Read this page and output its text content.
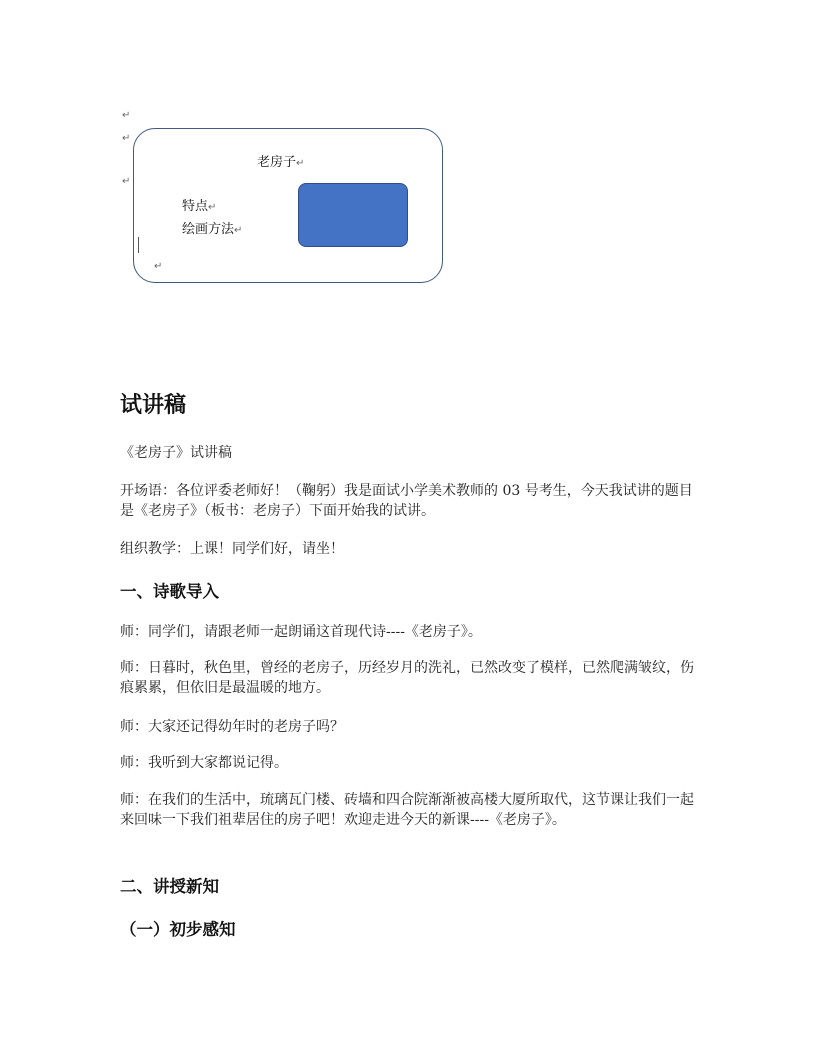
↵
↵
↵
老房子↵
特点↵
绘画方法↵
↵
试讲稿
《老房子》试讲稿
开场语：各位评委老师好！（鞠躬）我是面试小学美术教师的 03 号考生，今天我试讲的题目是《老房子》（板书：老房子）下面开始我的试讲。
组织教学：上课！同学们好，请坐！
一、诗歌导入
师：同学们，请跟老师一起朗诵这首现代诗----《老房子》。
师：日暮时，秋色里，曾经的老房子，历经岁月的洗礼，已然改变了模样，已然爬满皱纹，伤痕累累，但依旧是最温暖的地方。
师：大家还记得幼年时的老房子吗？
师：我听到大家都说记得。
师：在我们的生活中，琉璃瓦门楼、砖墙和四合院渐渐被高楼大厦所取代，这节课让我们一起来回味一下我们祖辈居住的房子吧！欢迎走进今天的新课----《老房子》。
二、讲授新知
（一）初步感知
